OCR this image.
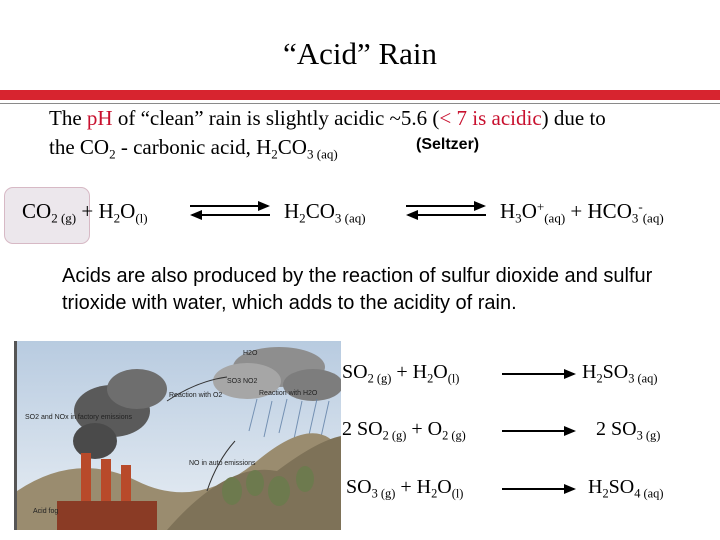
“Acid” Rain
The pH of “clean” rain is slightly acidic ~5.6 (< 7 is acidic) due to
the $CO_2$ - carbonic acid, $H_2CO_{3 (aq)}$
(Seltzer)
$CO_{2 (g)} + H_2O_{(l)}$	$H_2CO_{3 (aq)}$	$H_3O^+_{(aq)} + HCO_3^-_{(aq)}$
Acids are also produced by the reaction of sulfur dioxide and sulfur trioxide with water, which adds to the acidity of rain.
H2O
SO3 NO2
Reaction with H2O
Reaction with O2
SO2 and NOx in factory emissions
NO in auto emissions
Acid fog
$SO_{2 (g)} + H_2O_{(l)}$	$H_2SO_{3 (aq)}$
2 $SO_{2 (g)} + O_{2 (g)}$	2 $SO_{3 (g)}$
$SO_{3 (g)} + H_2O_{(l)}$	$H_2SO_{4 (aq)}$
